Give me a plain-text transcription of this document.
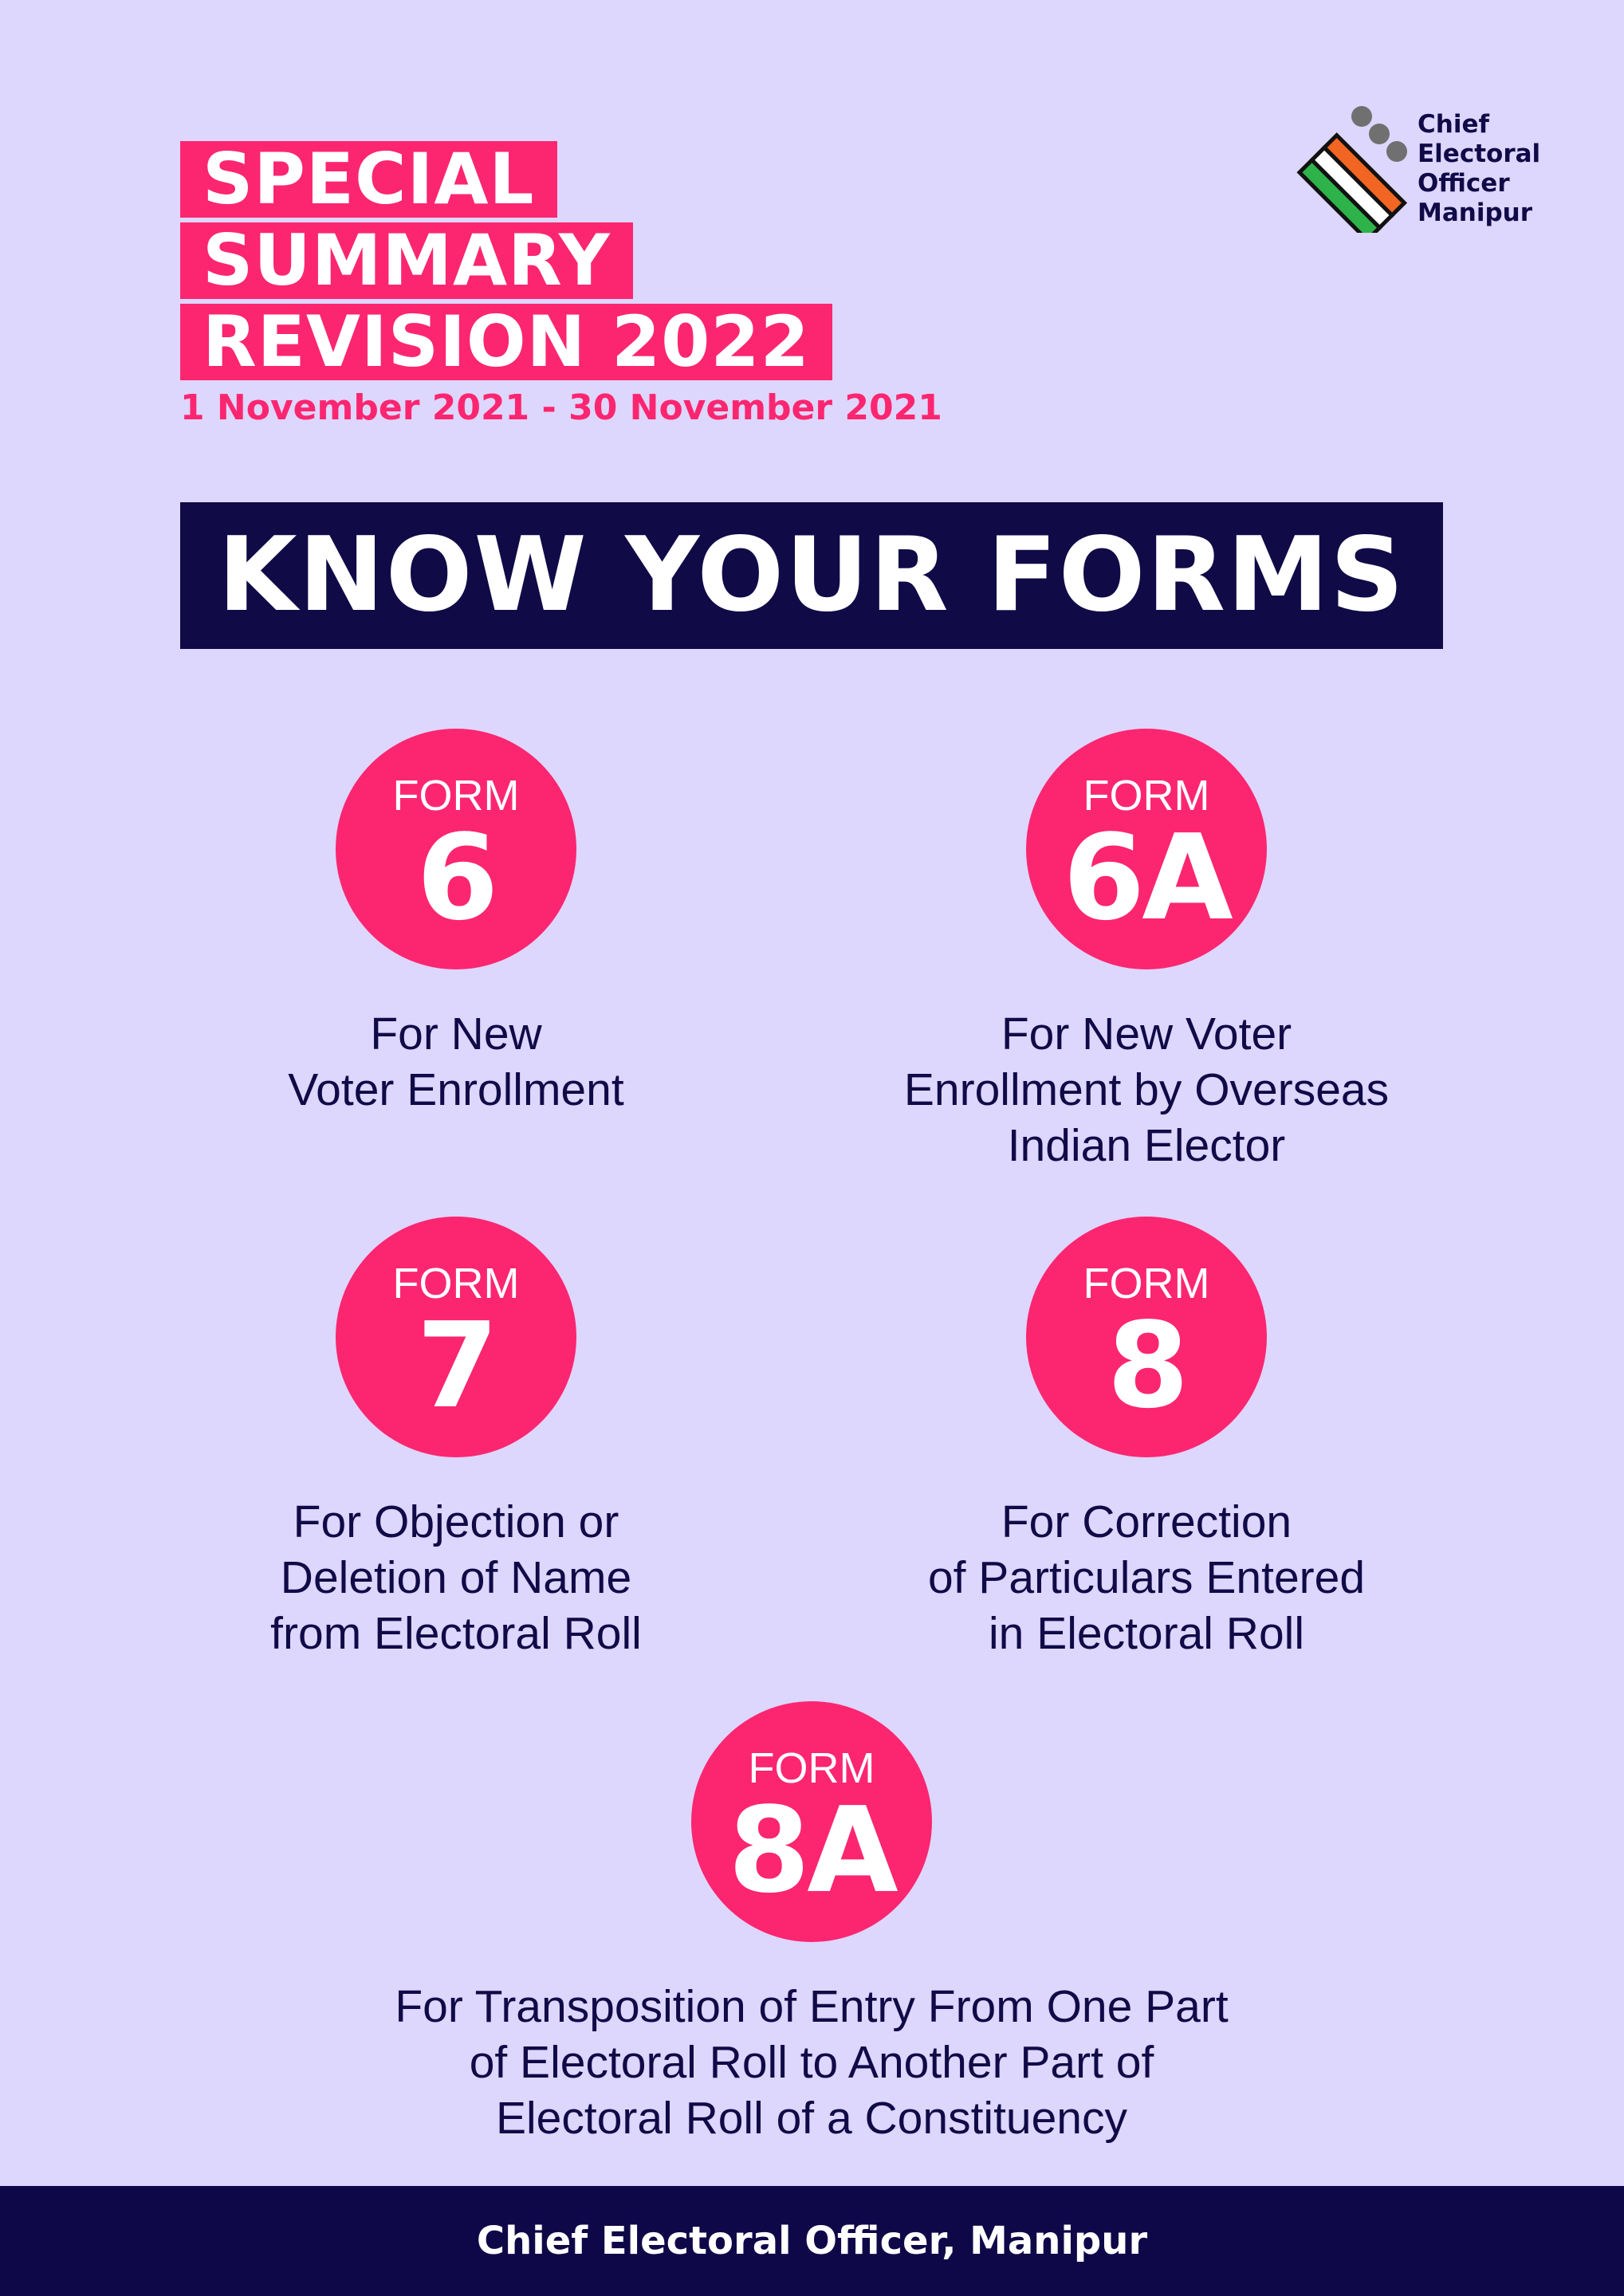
SPECIAL
SUMMARY
REVISION 2022
1 November 2021 - 30 November 2021
Chief
Electoral
Officer
Manipur
KNOW YOUR FORMS
FORM
6
For New
Voter Enrollment
FORM
6A
For New Voter
Enrollment by Overseas
Indian Elector
FORM
7
For Objection or
Deletion of Name
from Electoral Roll
FORM
8
For Correction
of Particulars Entered
in Electoral Roll
FORM
8A
For Transposition of Entry From One Part
of Electoral Roll to Another Part of
Electoral Roll of a Constituency
Chief Electoral Officer, Manipur
